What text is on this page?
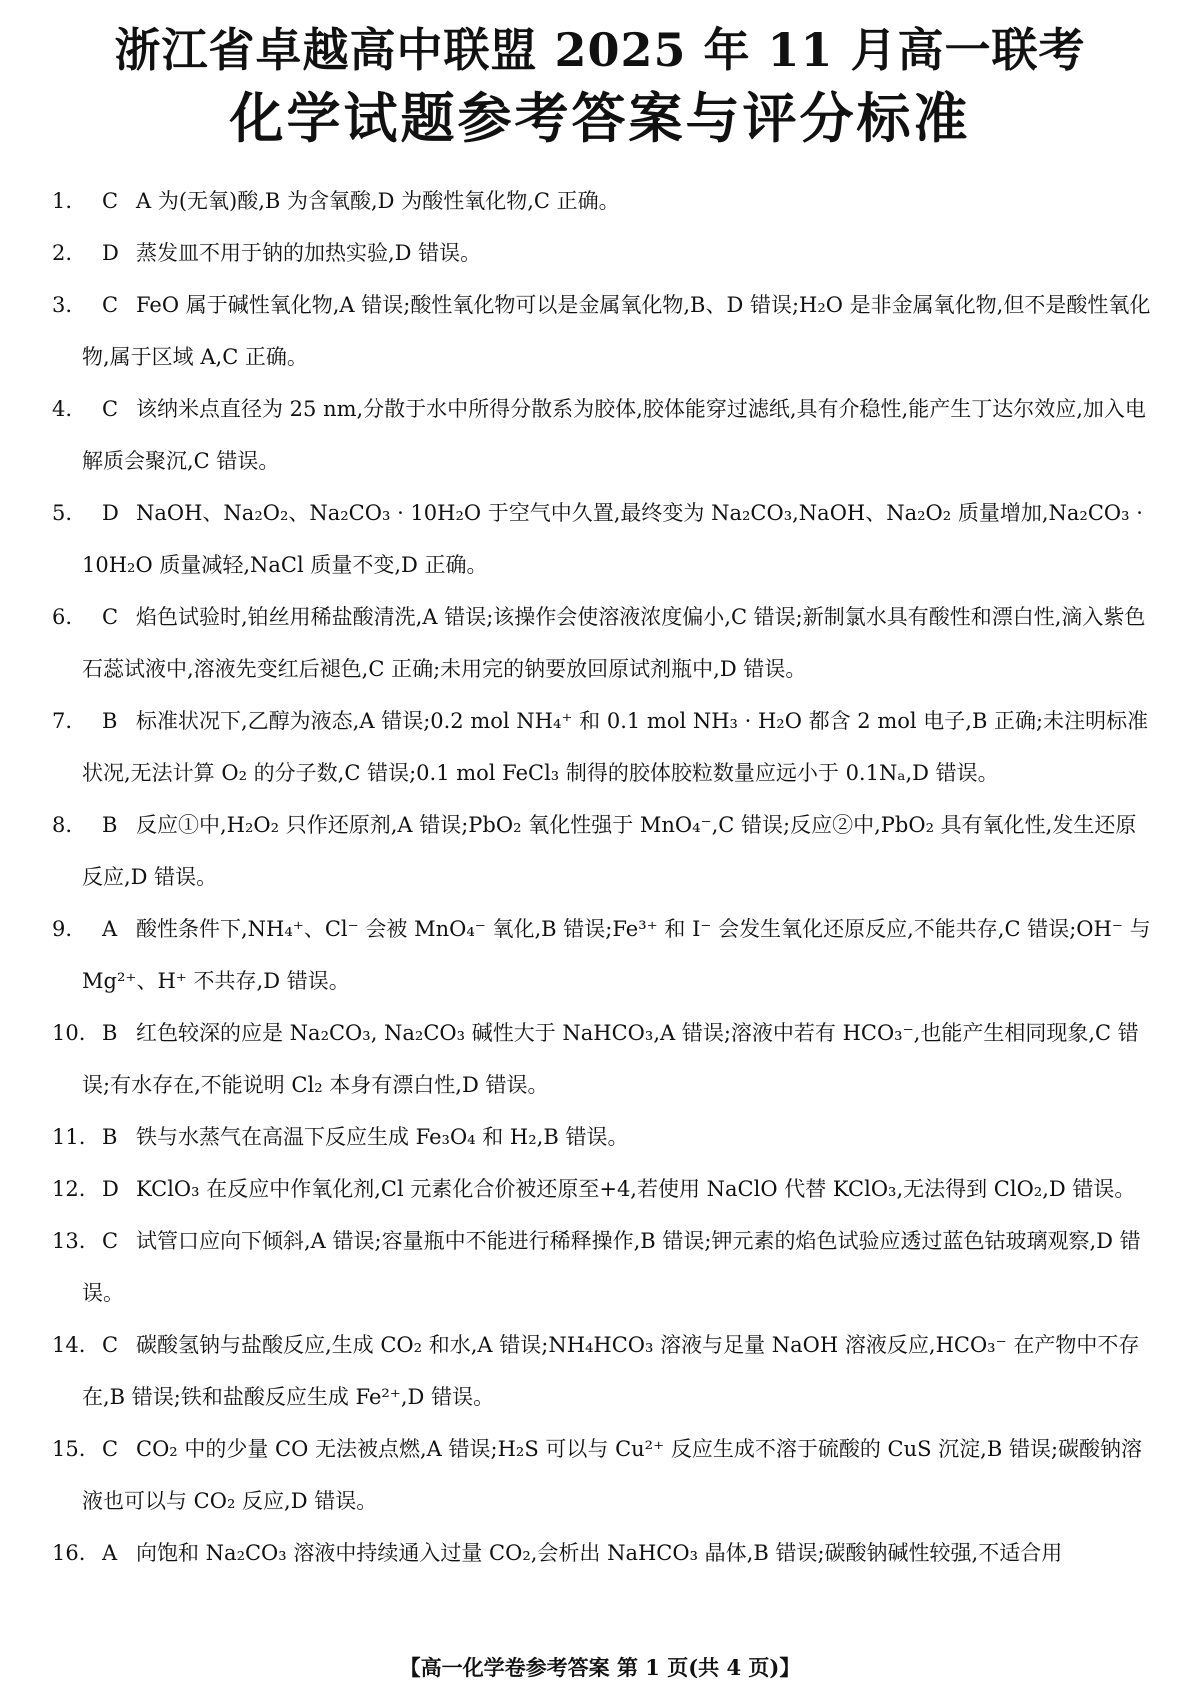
浙江省卓越高中联盟 2025 年 11 月高一联考
化学试题参考答案与评分标准

1. C A 为(无氧)酸,B 为含氧酸,D 为酸性氧化物,C 正确。

2. D 蒸发皿不用于钠的加热实验,D 错误。

3. C FeO 属于碱性氧化物,A 错误;酸性氧化物可以是金属氧化物,B、D 错误;H₂O 是非金属氧化物,但不是酸性氧化物,属于区域 A,C 正确。

4. C 该纳米点直径为 25 nm,分散于水中所得分散系为胶体,胶体能穿过滤纸,具有介稳性,能产生丁达尔效应,加入电解质会聚沉,C 错误。

5. D NaOH、Na₂O₂、Na₂CO₃ · 10H₂O 于空气中久置,最终变为 Na₂CO₃,NaOH、Na₂O₂ 质量增加,Na₂CO₃ · 10H₂O 质量减轻,NaCl 质量不变,D 正确。

6. C 焰色试验时,铂丝用稀盐酸清洗,A 错误;该操作会使溶液浓度偏小,C 错误;新制氯水具有酸性和漂白性,滴入紫色石蕊试液中,溶液先变红后褪色,C 正确;未用完的钠要放回原试剂瓶中,D 错误。

7. B 标准状况下,乙醇为液态,A 错误;0.2 mol NH₄⁺ 和 0.1 mol NH₃ · H₂O 都含 2 mol 电子,B 正确;未注明标准状况,无法计算 O₂ 的分子数,C 错误;0.1 mol FeCl₃ 制得的胶体胶粒数量应远小于 0.1Nₐ,D 错误。

8. B 反应①中,H₂O₂ 只作还原剂,A 错误;PbO₂ 氧化性强于 MnO₄⁻,C 错误;反应②中,PbO₂ 具有氧化性,发生还原反应,D 错误。

9. A 酸性条件下,NH₄⁺、Cl⁻ 会被 MnO₄⁻ 氧化,B 错误;Fe³⁺ 和 I⁻ 会发生氧化还原反应,不能共存,C 错误;OH⁻ 与 Mg²⁺、H⁺ 不共存,D 错误。

10. B 红色较深的应是 Na₂CO₃, Na₂CO₃ 碱性大于 NaHCO₃,A 错误;溶液中若有 HCO₃⁻,也能产生相同现象,C 错误;有水存在,不能说明 Cl₂ 本身有漂白性,D 错误。

11. B 铁与水蒸气在高温下反应生成 Fe₃O₄ 和 H₂,B 错误。

12. D KClO₃ 在反应中作氧化剂,Cl 元素化合价被还原至+4,若使用 NaClO 代替 KClO₃,无法得到 ClO₂,D 错误。

13. C 试管口应向下倾斜,A 错误;容量瓶中不能进行稀释操作,B 错误;钾元素的焰色试验应透过蓝色钴玻璃观察,D 错误。

14. C 碳酸氢钠与盐酸反应,生成 CO₂ 和水,A 错误;NH₄HCO₃ 溶液与足量 NaOH 溶液反应,HCO₃⁻ 在产物中不存在,B 错误;铁和盐酸反应生成 Fe²⁺,D 错误。

15. C CO₂ 中的少量 CO 无法被点燃,A 错误;H₂S 可以与 Cu²⁺ 反应生成不溶于硫酸的 CuS 沉淀,B 错误;碳酸钠溶液也可以与 CO₂ 反应,D 错误。

16. A 向饱和 Na₂CO₃ 溶液中持续通入过量 CO₂,会析出 NaHCO₃ 晶体,B 错误;碳酸钠碱性较强,不适合用

【高一化学卷参考答案 第 1 页(共 4 页)】
